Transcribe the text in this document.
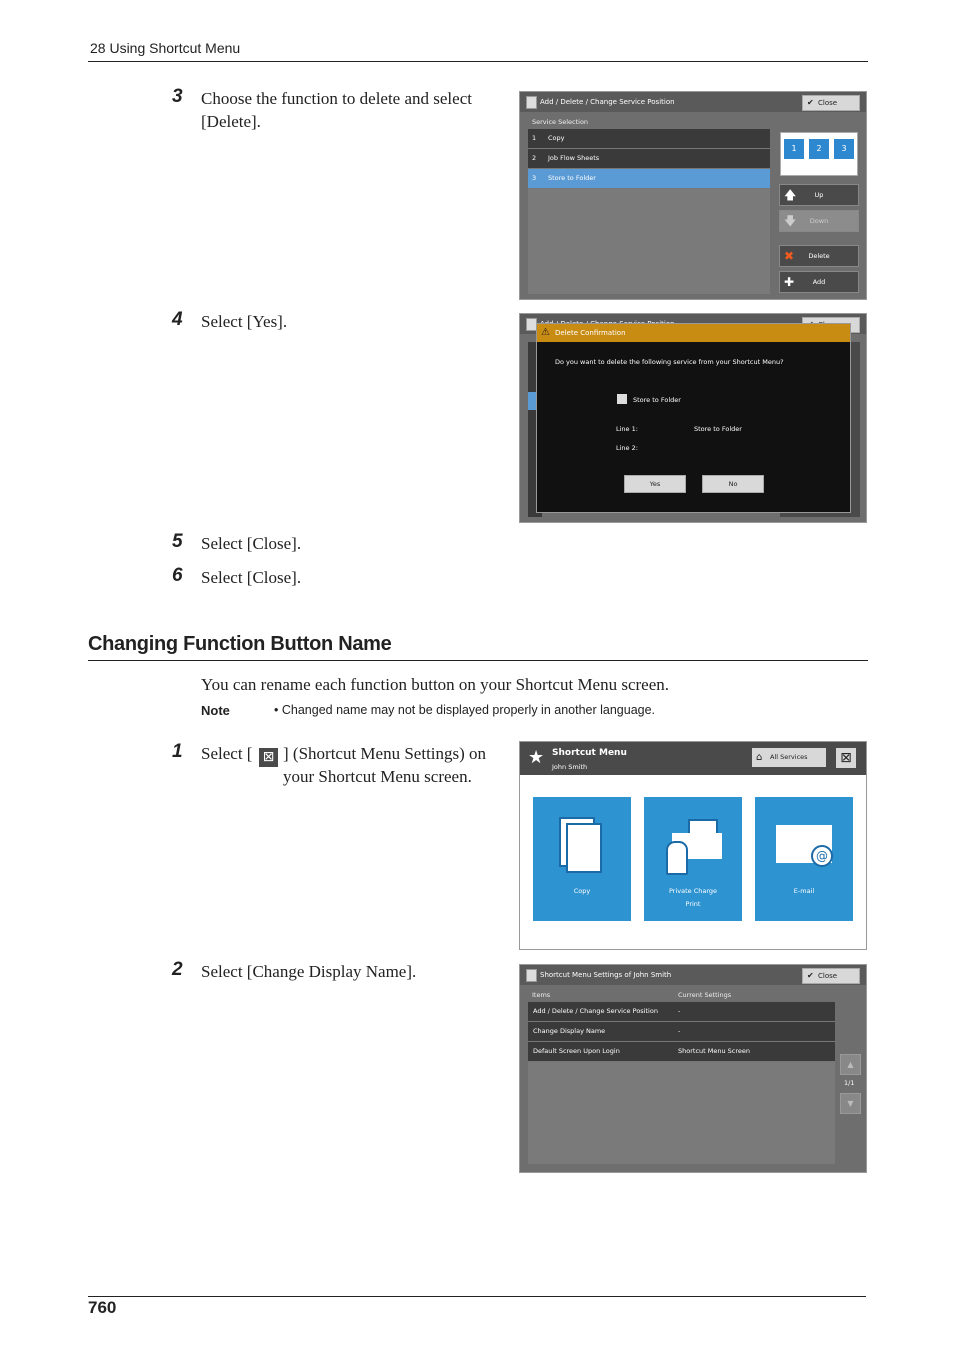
28 Using Shortcut Menu
3 Choose the function to delete and select [Delete].
Add / Delete / Change Service Position	✔ Close
Service Selection
1 Copy
2 Job Flow Sheets
3 Store to Folder
1	2	3
🡅	Up
🡇 Down
✖ Delete
✚	Add
4 Select [Yes].
⚠ Delete Confirmation
Do you want to delete the following service from your Shortcut Menu?
Store to Folder
Line 1:	Store to Folder
Line 2:
Yes	No
5 Select [Close].
6 Select [Close].
Changing Function Button Name
You can rename each function button on your Shortcut Menu screen.
Note	• Changed name may not be displayed properly in another language.
1 Select [ ⊠ ] (Shortcut Menu Settings) on your Shortcut Menu screen.
★ Shortcut Menu
John Smith
⌂ All Services ⊠
Copy	Private Charge
Print
@
E-mail
2 Select [Change Display Name].	Shortcut Menu Settings of John Smith	✔ Close
Items	Current Settings
Add / Delete / Change Service Position	-
Change Display Name	-
Default Screen Upon Login	Shortcut Menu Screen
▲
1/1
▼
760
